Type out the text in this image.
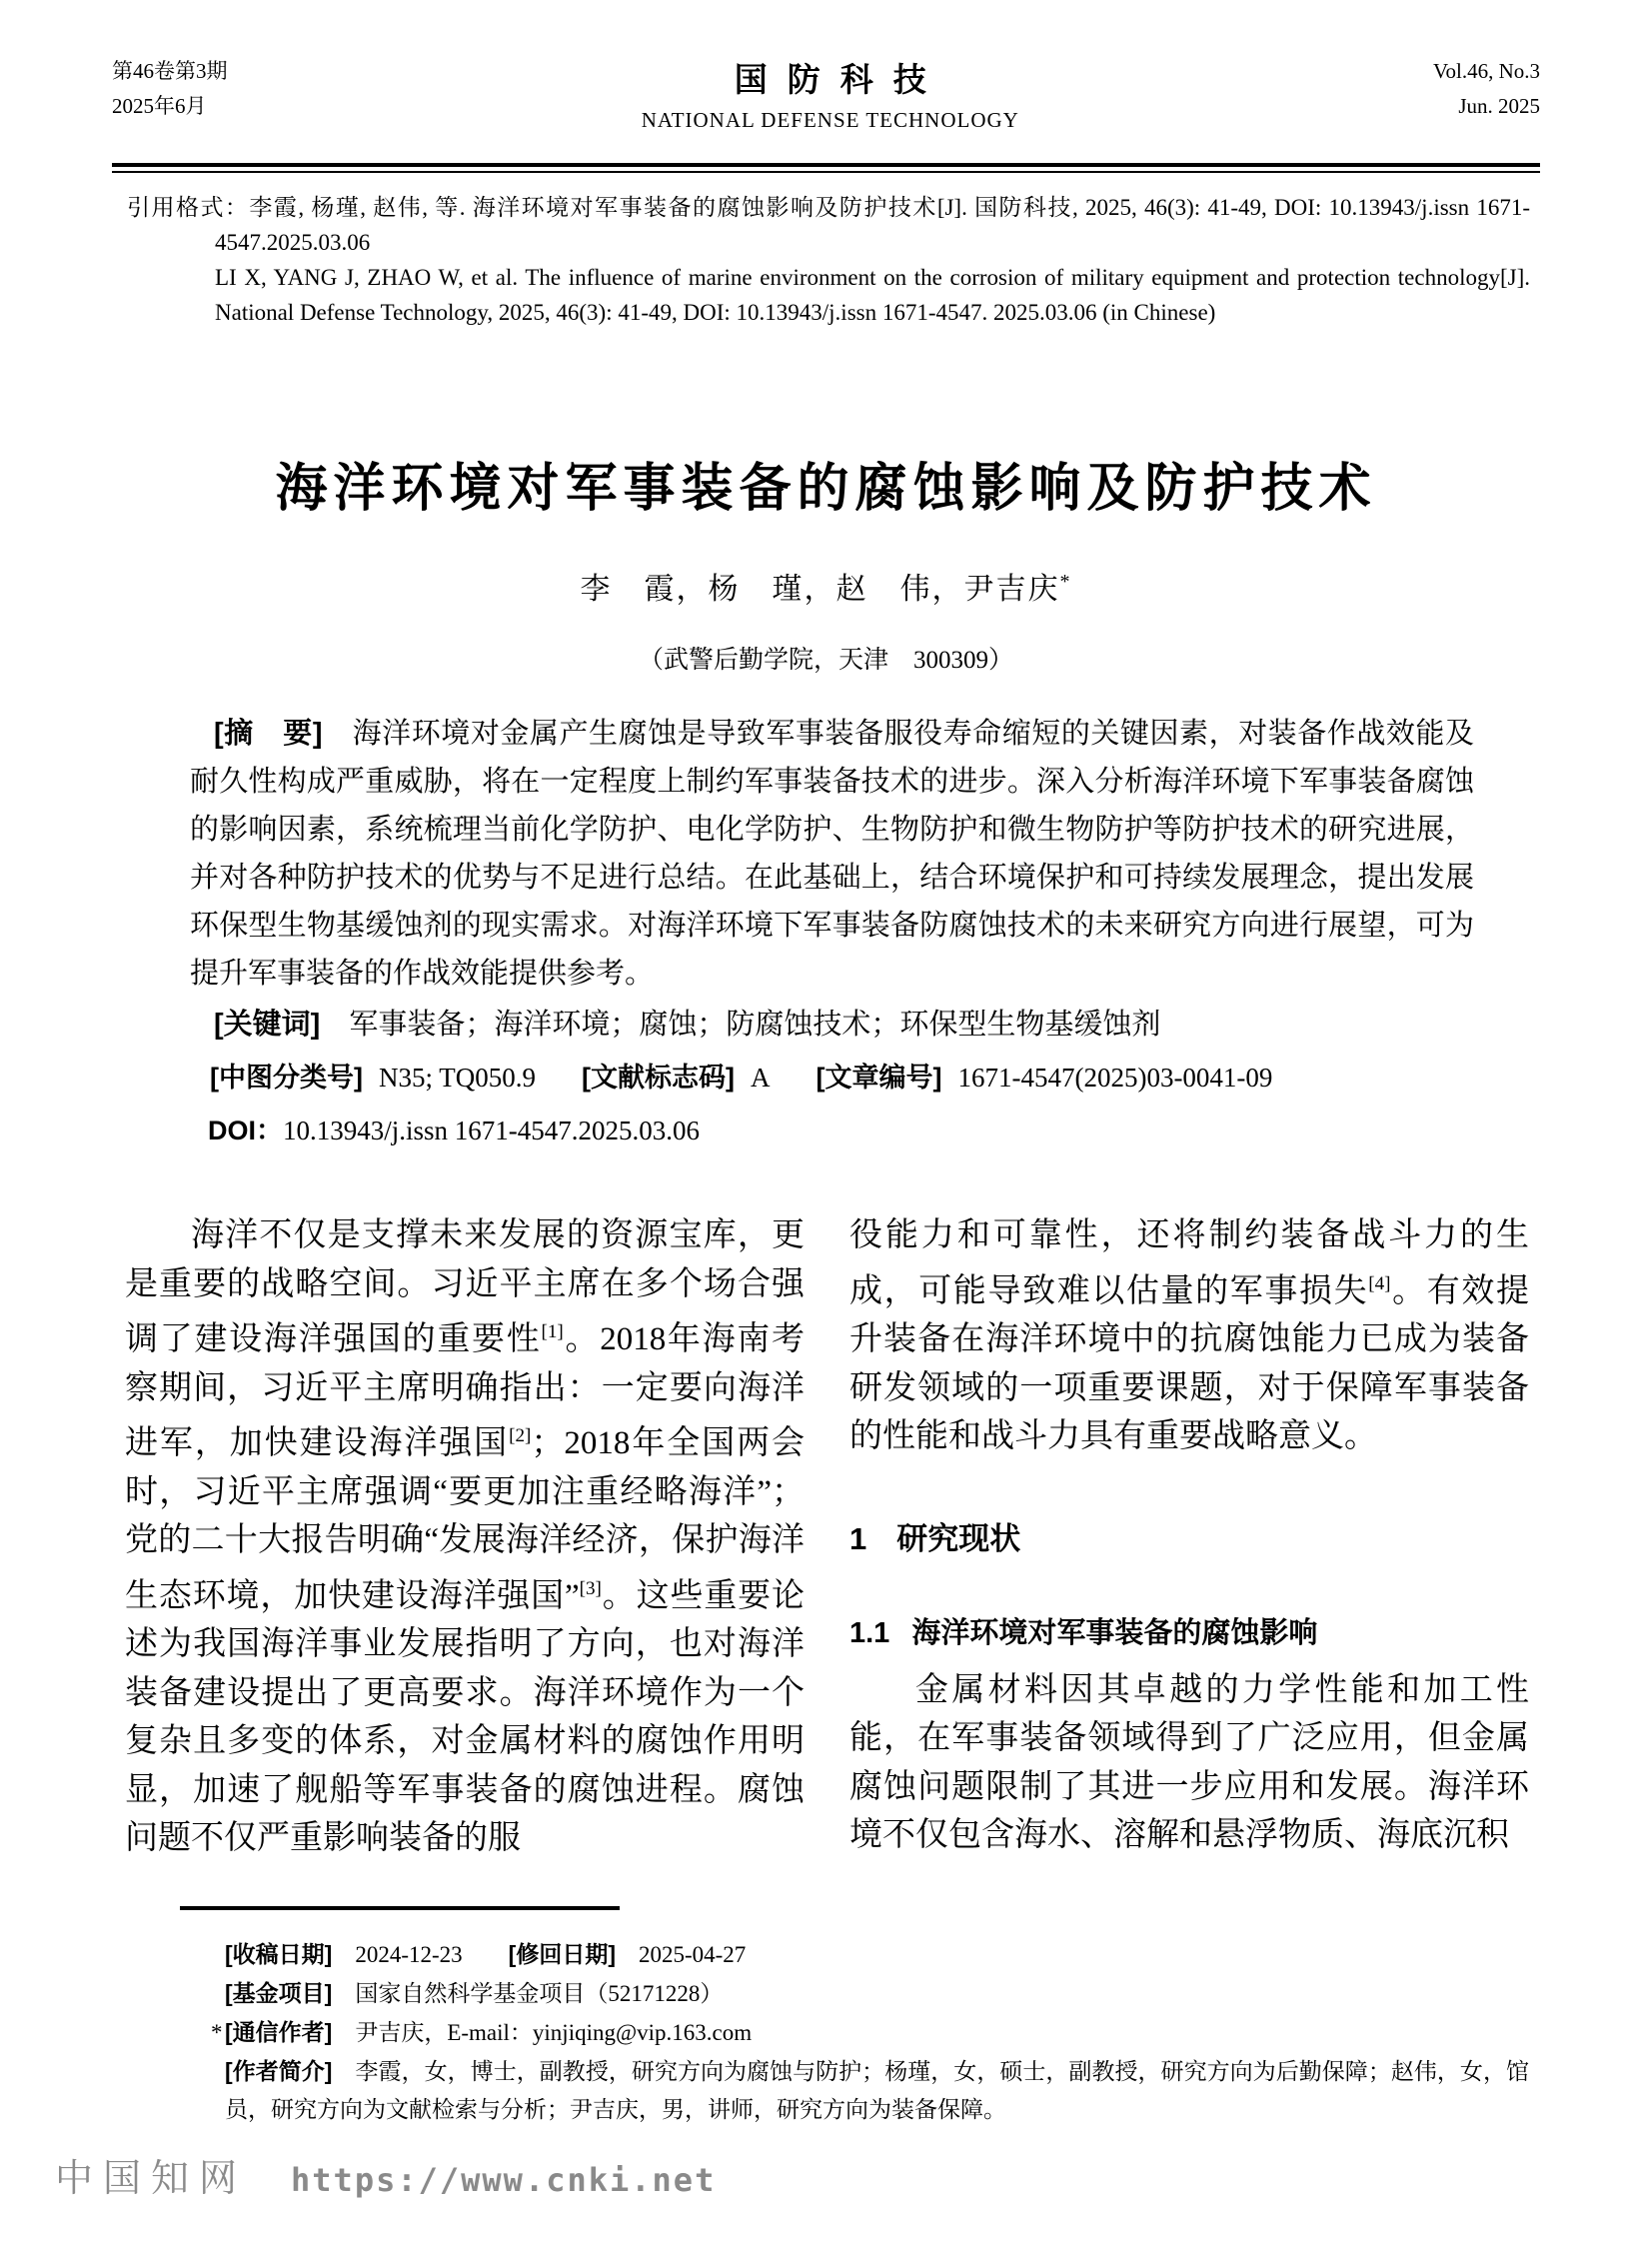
第46卷第3期
2025年6月
国防科技
NATIONAL DEFENSE TECHNOLOGY
Vol.46, No.3
Jun. 2025

引用格式：李霞, 杨瑾, 赵伟, 等. 海洋环境对军事装备的腐蚀影响及防护技术[J]. 国防科技, 2025, 46(3): 41-49, DOI: 10.13943/j.issn 1671-4547.2025.03.06

LI X, YANG J, ZHAO W, et al. The influence of marine environment on the corrosion of military equipment and protection technology[J]. National Defense Technology, 2025, 46(3): 41-49, DOI: 10.13943/j.issn 1671-4547. 2025.03.06 (in Chinese)

海洋环境对军事装备的腐蚀影响及防护技术
李　霞，杨　瑾，赵　伟，尹吉庆*
（武警后勤学院，天津　300309）

[摘　要]　海洋环境对金属产生腐蚀是导致军事装备服役寿命缩短的关键因素，对装备作战效能及耐久性构成严重威胁，将在一定程度上制约军事装备技术的进步。深入分析海洋环境下军事装备腐蚀的影响因素，系统梳理当前化学防护、电化学防护、生物防护和微生物防护等防护技术的研究进展，并对各种防护技术的优势与不足进行总结。在此基础上，结合环境保护和可持续发展理念，提出发展环保型生物基缓蚀剂的现实需求。对海洋环境下军事装备防腐蚀技术的未来研究方向进行展望，可为提升军事装备的作战效能提供参考。

[关键词]　军事装备；海洋环境；腐蚀；防腐蚀技术；环保型生物基缓蚀剂

[中图分类号] N35; TQ050.9 [文献标志码] A [文章编号] 1671-4547(2025)03-0041-09

DOI：10.13943/j.issn 1671-4547.2025.03.06

海洋不仅是支撑未来发展的资源宝库，更是重要的战略空间。习近平主席在多个场合强调了建设海洋强国的重要性[1]。2018年海南考察期间，习近平主席明确指出：一定要向海洋进军，加快建设海洋强国[2]；2018年全国两会时，习近平主席强调“要更加注重经略海洋”；党的二十大报告明确“发展海洋经济，保护海洋生态环境，加快建设海洋强国”[3]。这些重要论述为我国海洋事业发展指明了方向，也对海洋装备建设提出了更高要求。海洋环境作为一个复杂且多变的体系，对金属材料的腐蚀作用明显，加速了舰船等军事装备的腐蚀进程。腐蚀问题不仅严重影响装备的服

役能力和可靠性，还将制约装备战斗力的生成，可能导致难以估量的军事损失[4]。有效提升装备在海洋环境中的抗腐蚀能力已成为装备研发领域的一项重要课题，对于保障军事装备的性能和战斗力具有重要战略意义。

1 研究现状
1.1 海洋环境对军事装备的腐蚀影响

金属材料因其卓越的力学性能和加工性能，在军事装备领域得到了广泛应用，但金属腐蚀问题限制了其进一步应用和发展。海洋环境不仅包含海水、溶解和悬浮物质、海底沉积

[收稿日期]　2024-12-23　　[修回日期]　2025-04-27

[基金项目]　国家自然科学基金项目（52171228）

* [通信作者]　尹吉庆，E-mail：yinjiqing@vip.163.com

[作者简介]　李霞，女，博士，副教授，研究方向为腐蚀与防护；杨瑾，女，硕士，副教授，研究方向为后勤保障；赵伟，女，馆员，研究方向为文献检索与分析；尹吉庆，男，讲师，研究方向为装备保障。

中国知网 https://www.cnki.net
